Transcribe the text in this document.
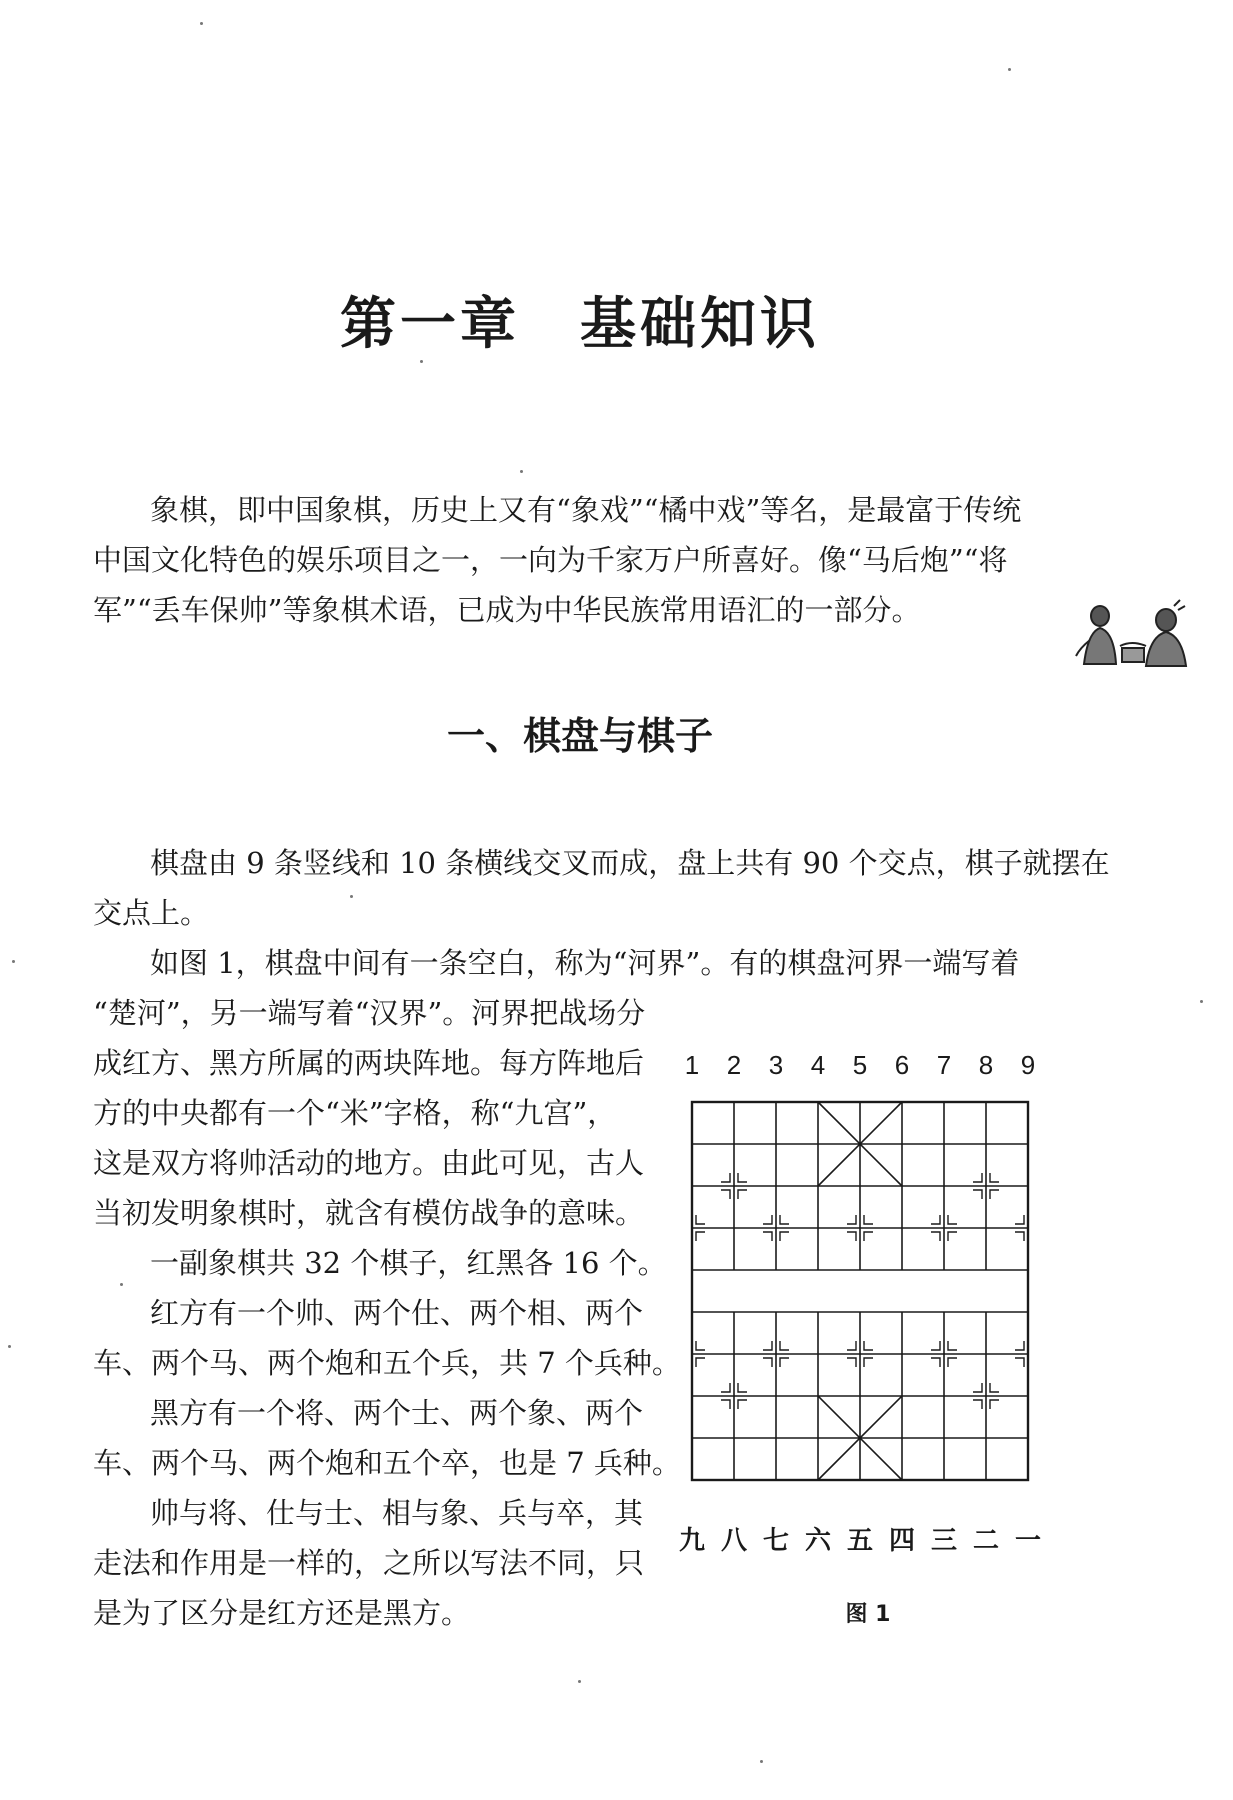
第一章 基础知识

象棋，即中国象棋，历史上又有“象戏”“橘中戏”等名，是最富于传统

中国文化特色的娱乐项目之一，一向为千家万户所喜好。像“马后炮”“将

军”“丢车保帅”等象棋术语，已成为中华民族常用语汇的一部分。

一、棋盘与棋子

棋盘由 9 条竖线和 10 条横线交叉而成，盘上共有 90 个交点，棋子就摆在

交点上。

如图 1，棋盘中间有一条空白，称为“河界”。有的棋盘河界一端写着

“楚河”，另一端写着“汉界”。河界把战场分

成红方、黑方所属的两块阵地。每方阵地后

方的中央都有一个“米”字格，称“九宫”，

这是双方将帅活动的地方。由此可见，古人

当初发明象棋时，就含有模仿战争的意味。

一副象棋共 32 个棋子，红黑各 16 个。

红方有一个帅、两个仕、两个相、两个

车、两个马、两个炮和五个兵，共 7 个兵种。

黑方有一个将、两个士、两个象、两个

车、两个马、两个炮和五个卒，也是 7 兵种。

帅与将、仕与士、相与象、兵与卒，其

走法和作用是一样的，之所以写法不同，只

是为了区分是红方还是黑方。

1	2	3	4	5	6	7	8	9
九 八 七 六 五 四 三 二 一
图 1
